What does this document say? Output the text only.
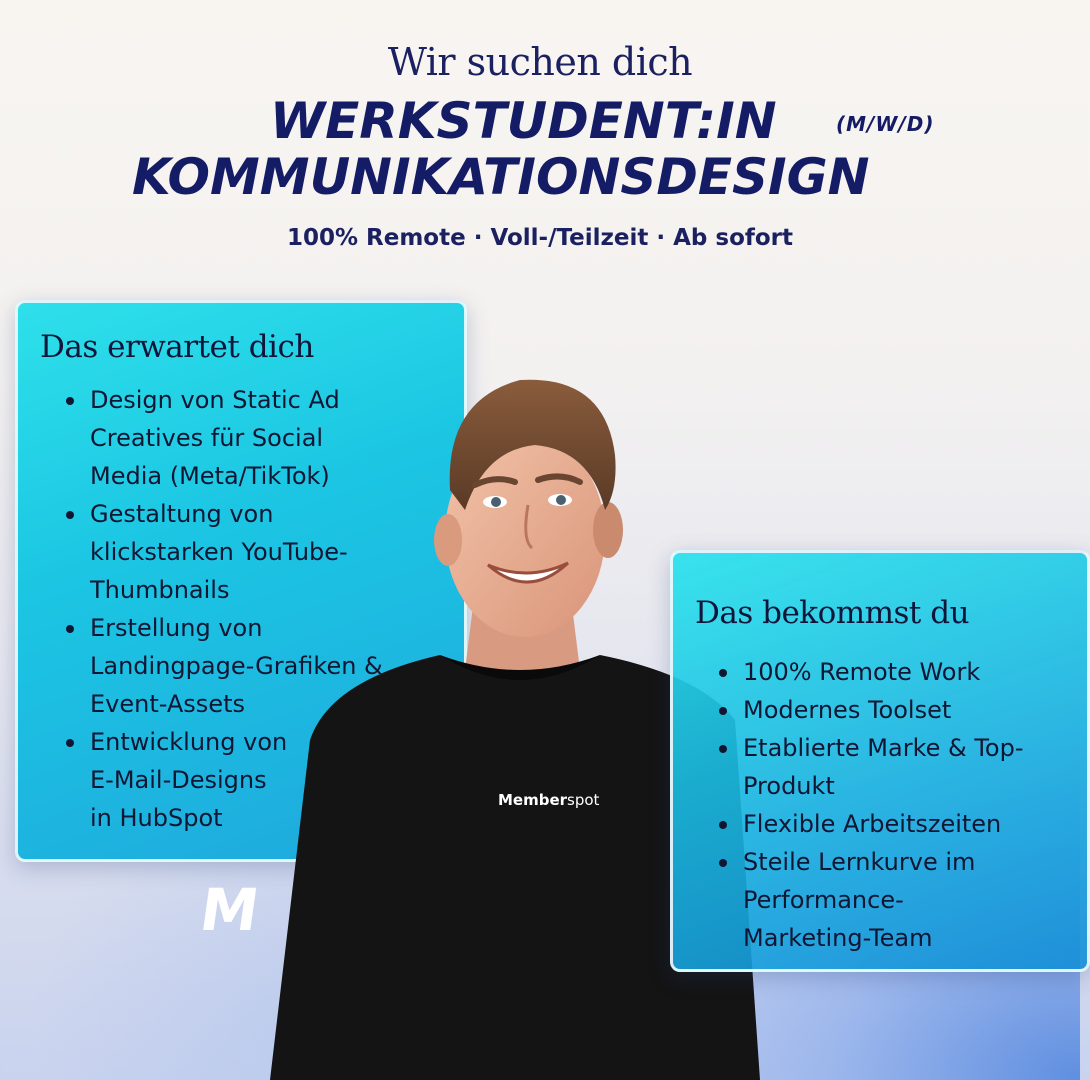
Wir suchen dich
WERKSTUDENT:IN	(M/W/D)
KOMMUNIKATIONSDESIGN
100% Remote · Voll-/Teilzeit · Ab sofort
Das erwartet dich
Design von Static Ad
Creatives für Social
Media (Meta/TikTok)
Gestaltung von
klickstarken YouTube-
Thumbnails
Erstellung von
Landingpage-Grafiken &
Event-Assets
Entwicklung von
E-Mail-Designs
in HubSpot
M
Memberspot
Das bekommst du
100% Remote Work
Modernes Toolset
Etablierte Marke & Top-
Produkt
Flexible Arbeitszeiten
Steile Lernkurve im
Performance-
Marketing-Team
